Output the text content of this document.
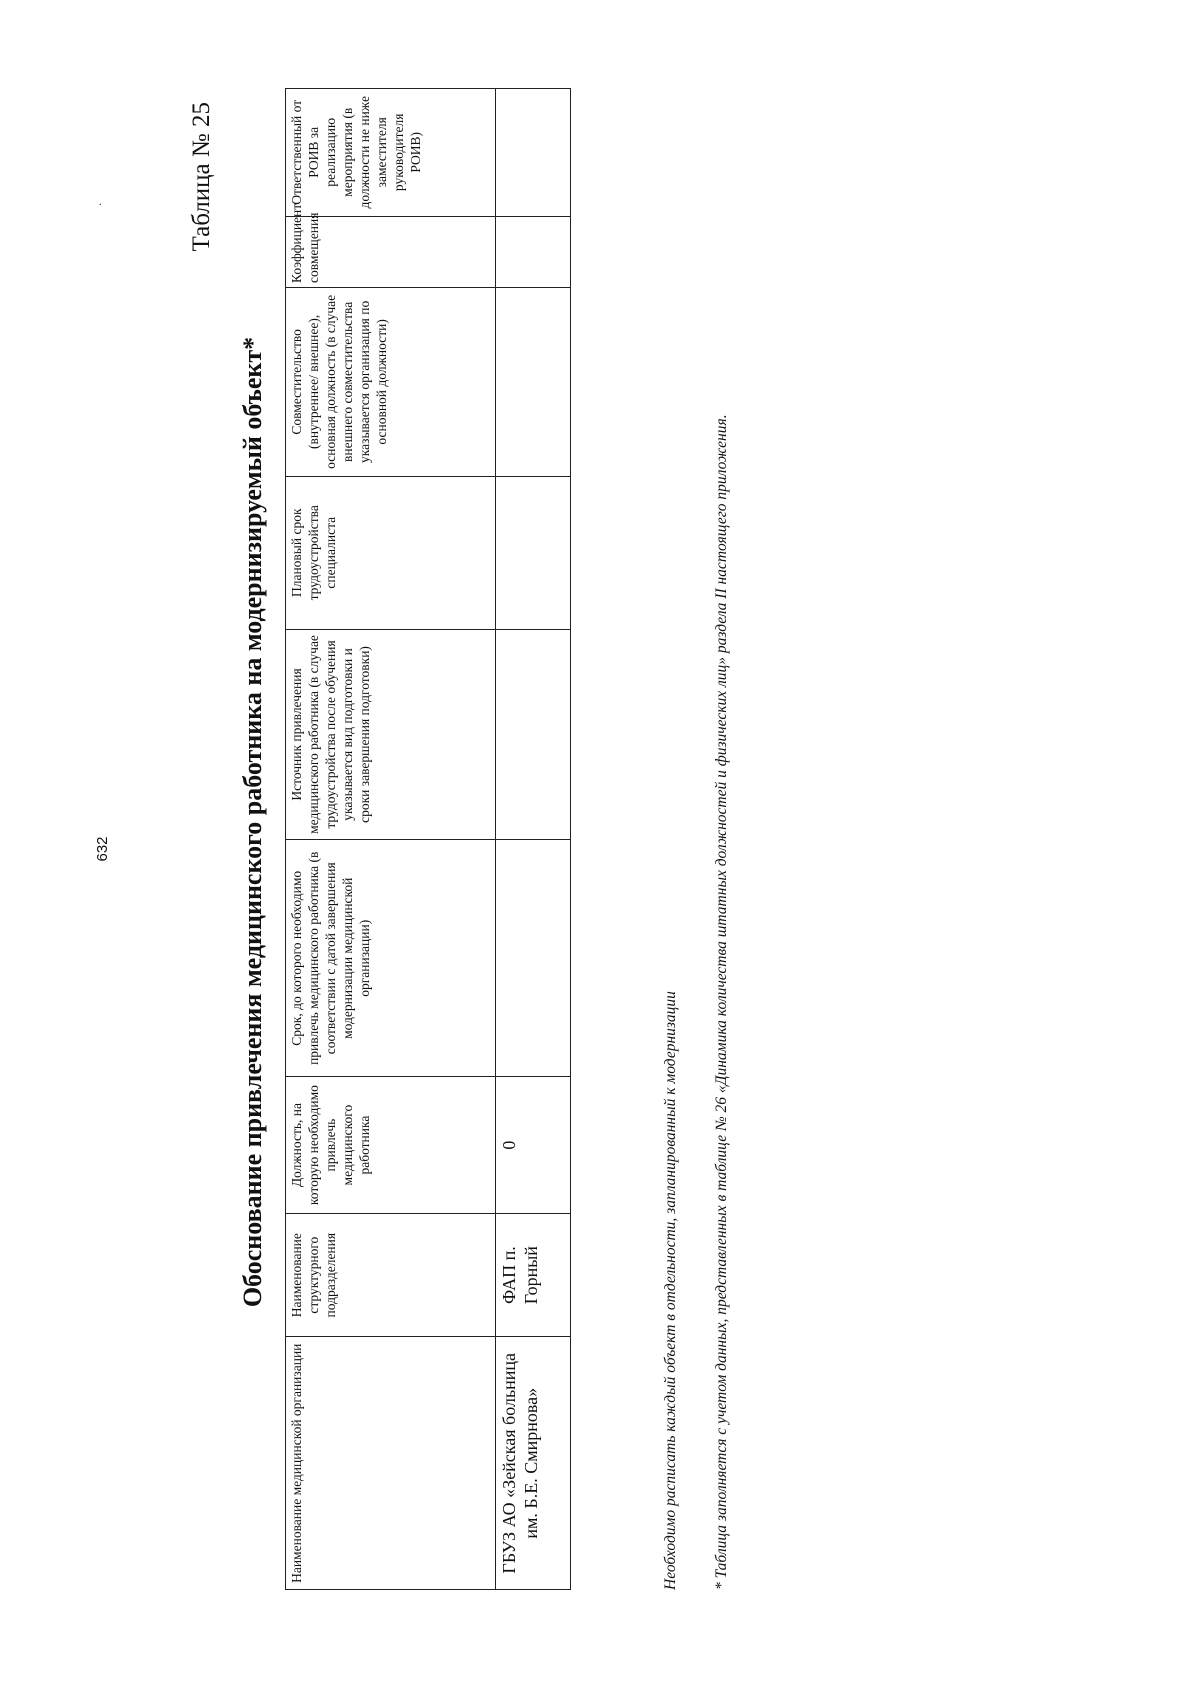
632
·	Таблица № 25
Обоснование привлечения медицинского работника на модернизируемый объект*
Наименование медицинской организации	Наименование структурного подразделения	Должность, на которую необходимо привлечь медицинского работника	Срок, до которого необходимо привлечь медицинского работника (в соответствии с датой завершения модернизации медицинской организации)	Источник привлечения медицинского работника (в случае трудоустройства после обучения указывается вид подготовки и сроки завершения подготовки)	Плановый срок трудоустройства специалиста	Совместительство (внутреннее/ внешнее), основная должность (в случае внешнего совместительства указывается организация по основной должности)	Коэффициент совмещения	Ответственный от РОИВ за реализацию мероприятия (в должности не ниже заместителя руководителя РОИВ)
ГБУЗ АО «Зейская больница им. Б.Е. Смирнова»	ФАП п. Горный	0							Необходимо расписать каждый объект в отдельности, запланированный к модернизации * Таблица заполняется с учетом данных, представленных в таблице № 26 «Динамика количества штатных должностей и физических лиц» раздела II настоящего приложения.
